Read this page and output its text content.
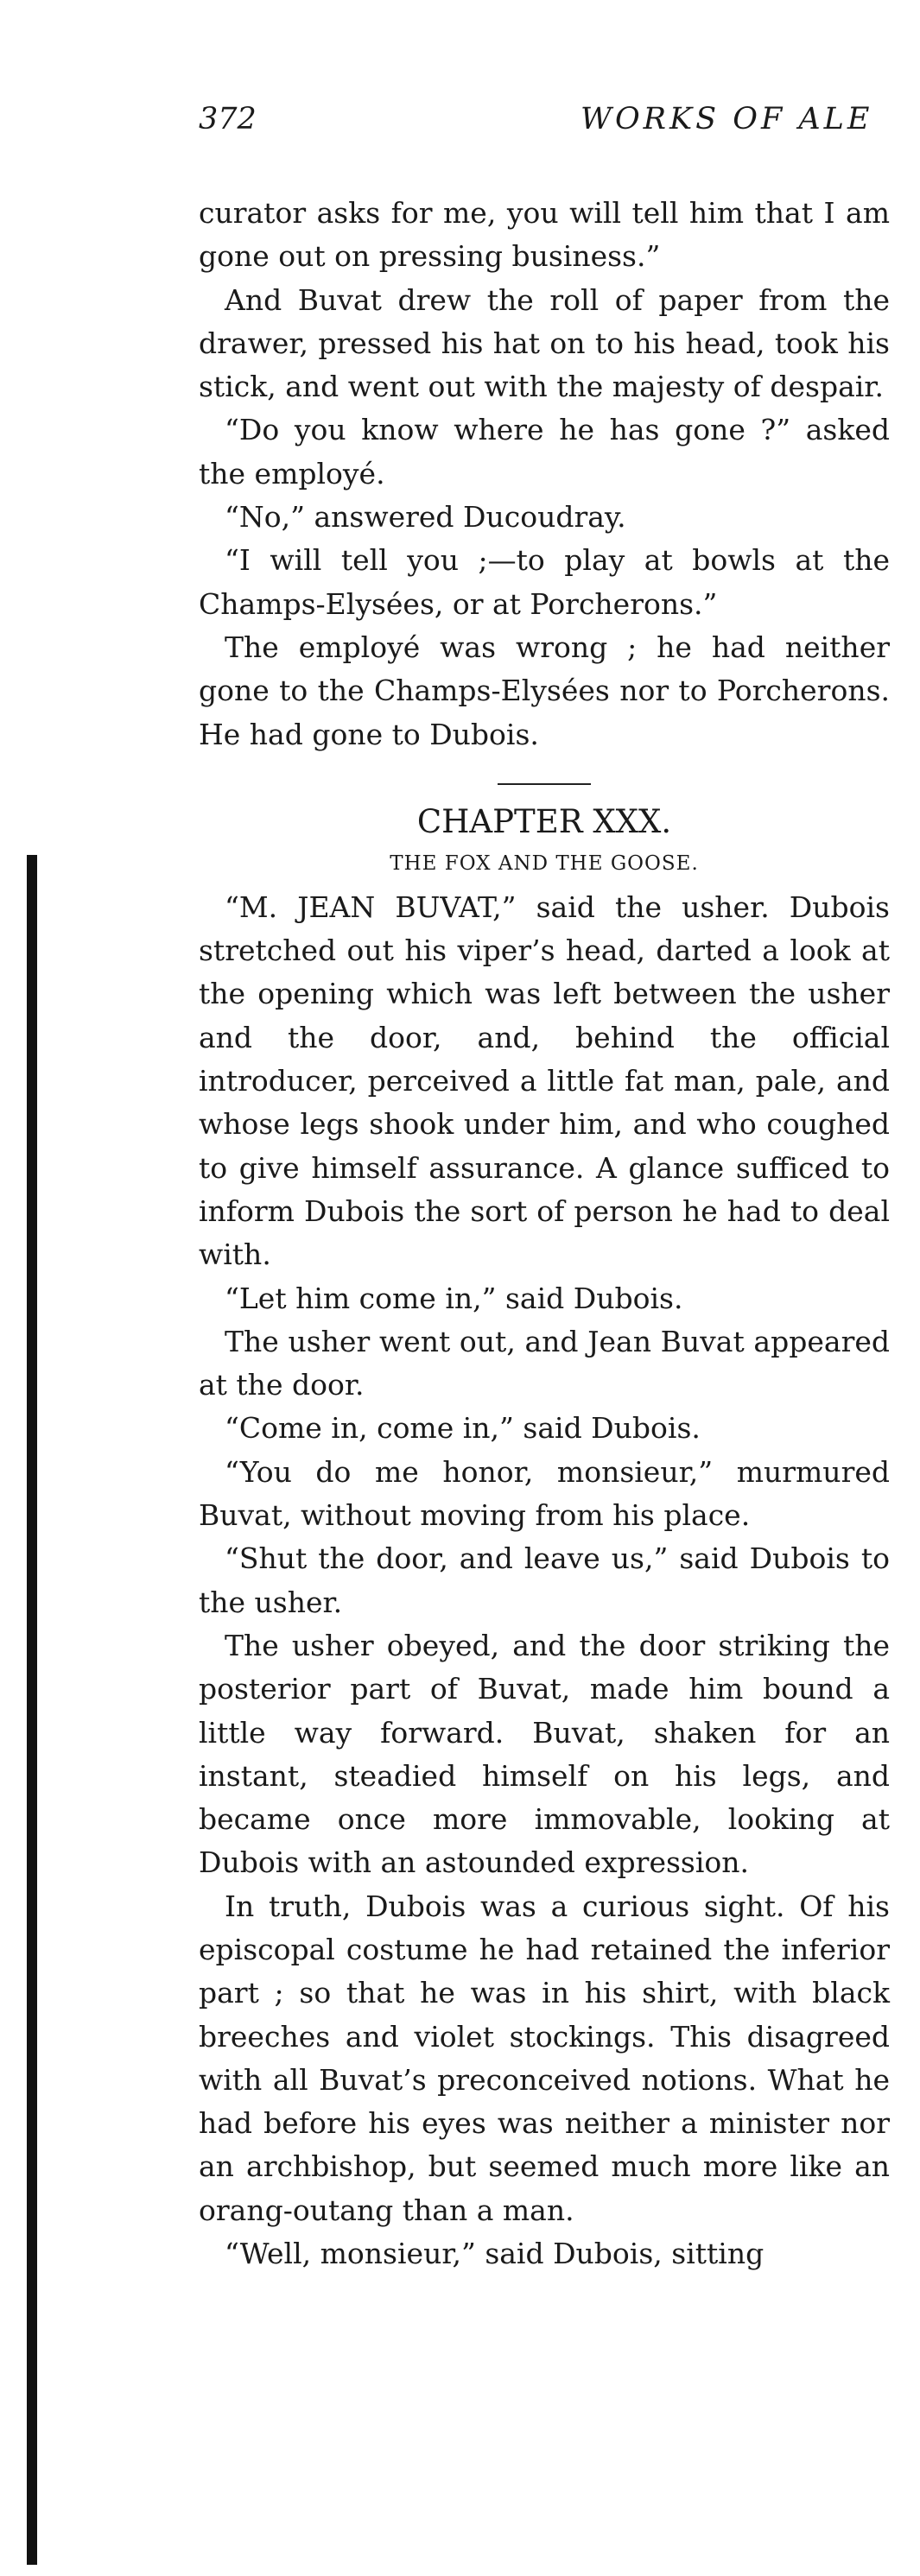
372	WORKS OF ALE

curator asks for me, you will tell him that I am gone out on pressing business.”

And Buvat drew the roll of paper from the drawer, pressed his hat on to his head, took his stick, and went out with the majesty of despair.

“Do you know where he has gone ?” asked the employé.

“No,” answered Ducoudray.

“I will tell you ;—to play at bowls at the Champs-Elysées, or at Porcherons.”

The employé was wrong ; he had neither gone to the Champs-Elysées nor to Porcherons. He had gone to Dubois.

CHAPTER XXX.
THE FOX AND THE GOOSE.

“M. JEAN BUVAT,” said the usher. Dubois stretched out his viper’s head, darted a look at the opening which was left between the usher and the door, and, behind the official introducer, perceived a little fat man, pale, and whose legs shook under him, and who coughed to give himself assurance. A glance sufficed to inform Dubois the sort of person he had to deal with.

“Let him come in,” said Dubois.

The usher went out, and Jean Buvat appeared at the door.

“Come in, come in,” said Dubois.

“You do me honor, monsieur,” murmured Buvat, without moving from his place.

“Shut the door, and leave us,” said Dubois to the usher.

The usher obeyed, and the door striking the posterior part of Buvat, made him bound a little way forward. Buvat, shaken for an instant, steadied himself on his legs, and became once more immovable, looking at Dubois with an astounded expression.

In truth, Dubois was a curious sight. Of his episcopal costume he had retained the inferior part ; so that he was in his shirt, with black breeches and violet stockings. This disagreed with all Buvat’s preconceived notions. What he had before his eyes was neither a minister nor an archbishop, but seemed much more like an orang-outang than a man.

“Well, monsieur,” said Dubois, sitting
